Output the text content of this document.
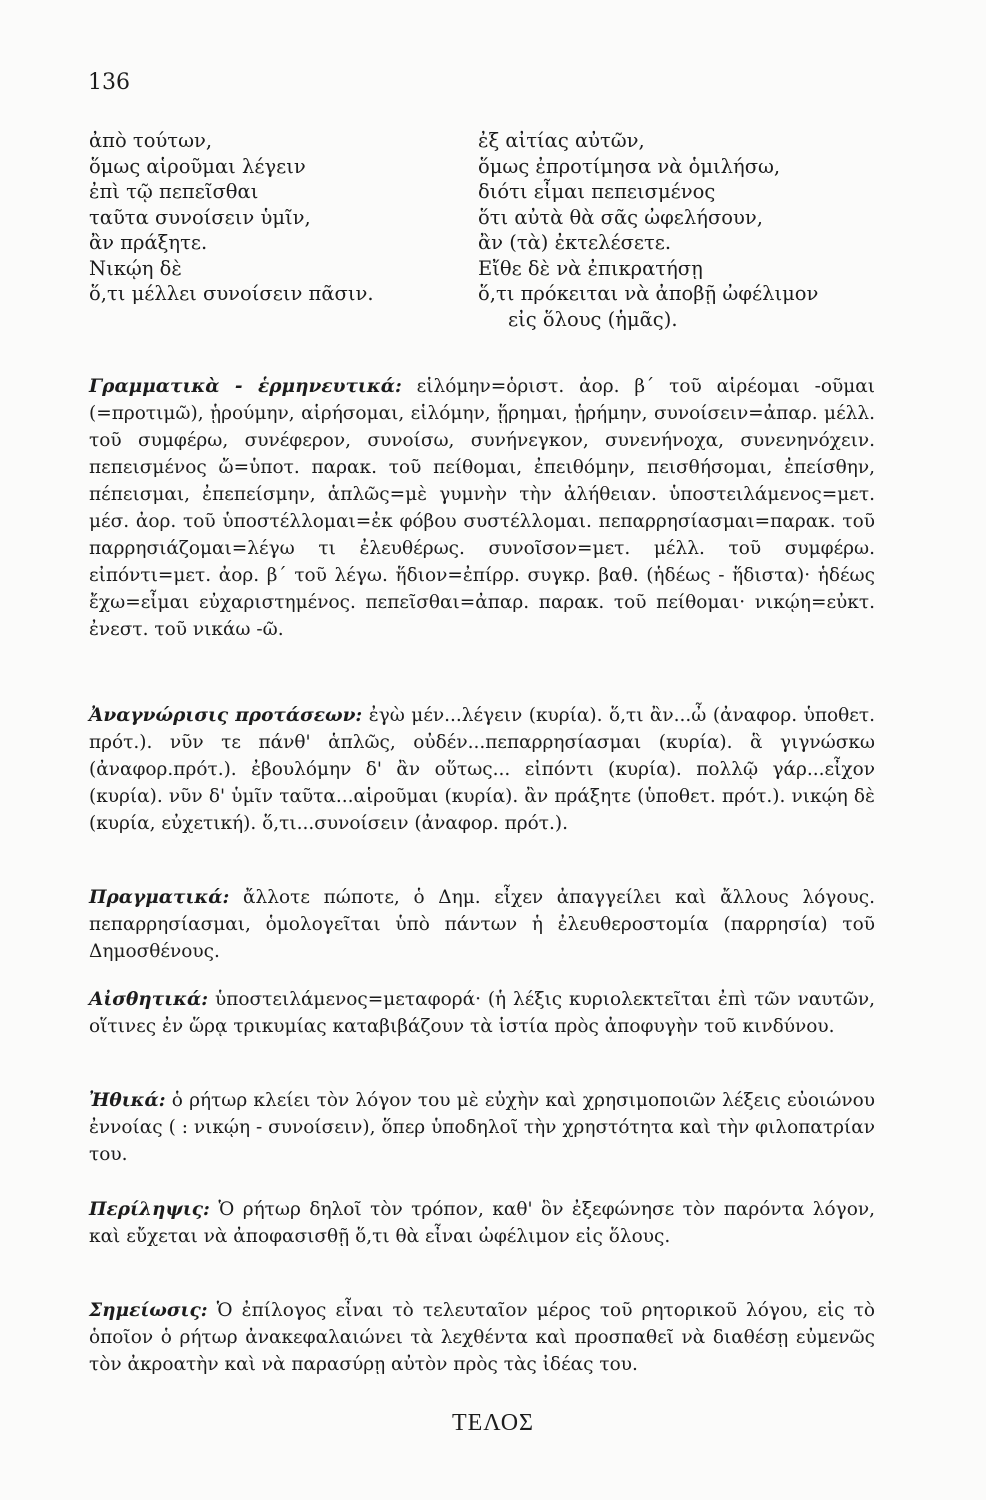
136
ἀπὸ τούτων,
ὅμως αἱροῦμαι λέγειν
ἐπὶ τῷ πεπεῖσθαι
ταῦτα συνοίσειν ὑμῖν,
ἂν πράξητε.
Νικῴη δὲ
ὅ,τι μέλλει συνοίσειν πᾶσιν.
ἐξ αἰτίας αὐτῶν,
ὅμως ἐπροτίμησα νὰ ὁμιλήσω,
διότι εἶμαι πεπεισμένος
ὅτι αὐτὰ θὰ σᾶς ὠφελήσουν,
ἂν (τὰ) ἐκτελέσετε.
Εἴθε δὲ νὰ ἐπικρατήσῃ
ὅ,τι πρόκειται νὰ ἀποβῇ ὠφέλιμον
εἰς ὅλους (ἡμᾶς).

Γραμματικὰ - ἑρμηνευτικά: εἱλόμην=ὁριστ. ἀορ. β΄ τοῦ αἱρέομαι -οῦμαι (=προτιμῶ), ᾑρούμην, αἱρήσομαι, εἱλόμην, ᾕρημαι, ᾑρήμην, συνοίσειν=ἀπαρ. μέλλ. τοῦ συμφέρω, συνέφερον, συνοίσω, συνήνεγκον, συνενήνοχα, συνενηνόχειν. πεπεισμένος ὤ=ὑποτ. παρακ. τοῦ πείθομαι, ἐπειθόμην, πεισθήσομαι, ἐπείσθην, πέπεισμαι, ἐπεπείσμην, ἁπλῶς=μὲ γυμνὴν τὴν ἀλήθειαν. ὑποστειλάμενος=μετ. μέσ. ἀορ. τοῦ ὑποστέλλομαι=ἐκ φόβου συστέλλομαι. πεπαρρησίασμαι=παρακ. τοῦ παρρησιάζομαι=λέγω τι ἐλευθέρως. συνοῖσον=μετ. μέλλ. τοῦ συμφέρω. εἰπόντι=μετ. ἀορ. β΄ τοῦ λέγω. ἥδιον=ἐπίρρ. συγκρ. βαθ. (ἡδέως - ἥδιστα)· ἡδέως ἔχω=εἶμαι εὐχαριστημένος. πεπεῖσθαι=ἀπαρ. παρακ. τοῦ πείθομαι· νικῴη=εὐκτ. ἐνεστ. τοῦ νικάω -ῶ.

Ἀναγνώρισις προτάσεων: ἐγὼ μέν...λέγειν (κυρία). ὅ,τι ἂν...ὦ (ἀναφορ. ὑποθετ. πρότ.). νῦν τε πάνθ' ἁπλῶς, οὐδέν...πεπαρρησίασμαι (κυρία). ἃ γιγνώσκω (ἀναφορ.πρότ.). ἐβουλόμην δ' ἂν οὕτως... εἰπόντι (κυρία). πολλῷ γάρ...εἶχον (κυρία). νῦν δ' ὑμῖν ταῦτα...αἱροῦμαι (κυρία). ἂν πράξητε (ὑποθετ. πρότ.). νικῴη δὲ (κυρία, εὐχετική). ὅ,τι...συνοίσειν (ἀναφορ. πρότ.).

Πραγματικά: ἄλλοτε πώποτε, ὁ Δημ. εἶχεν ἀπαγγείλει καὶ ἄλλους λόγους. πεπαρρησίασμαι, ὁμολογεῖται ὑπὸ πάντων ἡ ἐλευθεροστομία (παρρησία) τοῦ Δημοσθένους.

Αἰσθητικά: ὑποστειλάμενος=μεταφορά· (ἡ λέξις κυριολεκτεῖται ἐπὶ τῶν ναυτῶν, οἵτινες ἐν ὥρᾳ τρικυμίας καταβιβάζουν τὰ ἱστία πρὸς ἀποφυγὴν τοῦ κινδύνου.

Ἠθικά: ὁ ρήτωρ κλείει τὸν λόγον του μὲ εὐχὴν καὶ χρησιμοποιῶν λέξεις εὐοιώνου ἐννοίας ( : νικῴη - συνοίσειν), ὅπερ ὑποδηλοῖ τὴν χρηστότητα καὶ τὴν φιλοπατρίαν του.

Περίληψις: Ὁ ρήτωρ δηλοῖ τὸν τρόπον, καθ' ὃν ἐξεφώνησε τὸν παρόντα λόγον, καὶ εὔχεται νὰ ἀποφασισθῇ ὅ,τι θὰ εἶναι ὠφέλιμον εἰς ὅλους.

Σημείωσις: Ὁ ἐπίλογος εἶναι τὸ τελευταῖον μέρος τοῦ ρητορικοῦ λόγου, εἰς τὸ ὁποῖον ὁ ρήτωρ ἀνακεφαλαιώνει τὰ λεχθέντα καὶ προσπαθεῖ νὰ διαθέσῃ εὐμενῶς τὸν ἀκροατὴν καὶ νὰ παρασύρῃ αὐτὸν πρὸς τὰς ἰδέας του.

ΤΕΛΟΣ
